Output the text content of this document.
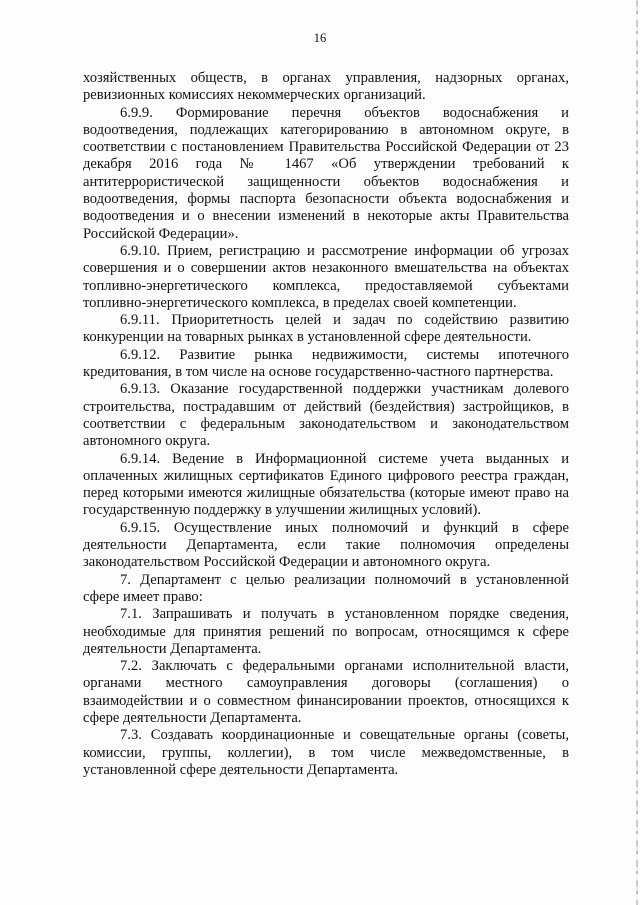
16

хозяйственных обществ, в органах управления, надзорных органах, ревизионных комиссиях некоммерческих организаций.

6.9.9. Формирование перечня объектов водоснабжения и водоотведения, подлежащих категорированию в автономном округе, в соответствии с постановлением Правительства Российской Федерации от 23 декабря 2016 года № 1467 «Об утверждении требований к антитеррористической защищенности объектов водоснабжения и водоотведения, формы паспорта безопасности объекта водоснабжения и водоотведения и о внесении изменений в некоторые акты Правительства Российской Федерации».

6.9.10. Прием, регистрацию и рассмотрение информации об угрозах совершения и о совершении актов незаконного вмешательства на объектах топливно-энергетического комплекса, предоставляемой субъектами топливно-энергетического комплекса, в пределах своей компетенции.

6.9.11. Приоритетность целей и задач по содействию развитию конкуренции на товарных рынках в установленной сфере деятельности.

6.9.12. Развитие рынка недвижимости, системы ипотечного кредитования, в том числе на основе государственно-частного партнерства.

6.9.13. Оказание государственной поддержки участникам долевого строительства, пострадавшим от действий (бездействия) застройщиков, в соответствии с федеральным законодательством и законодательством автономного округа.

6.9.14. Ведение в Информационной системе учета выданных и оплаченных жилищных сертификатов Единого цифрового реестра граждан, перед которыми имеются жилищные обязательства (которые имеют право на государственную поддержку в улучшении жилищных условий).

6.9.15. Осуществление иных полномочий и функций в сфере деятельности Департамента, если такие полномочия определены законодательством Российской Федерации и автономного округа.

7. Департамент с целью реализации полномочий в установленной сфере имеет право:

7.1. Запрашивать и получать в установленном порядке сведения, необходимые для принятия решений по вопросам, относящимся к сфере деятельности Департамента.

7.2. Заключать с федеральными органами исполнительной власти, органами местного самоуправления договоры (соглашения) о взаимодействии и о совместном финансировании проектов, относящихся к сфере деятельности Департамента.

7.3. Создавать координационные и совещательные органы (советы, комиссии, группы, коллегии), в том числе межведомственные, в установленной сфере деятельности Департамента.
